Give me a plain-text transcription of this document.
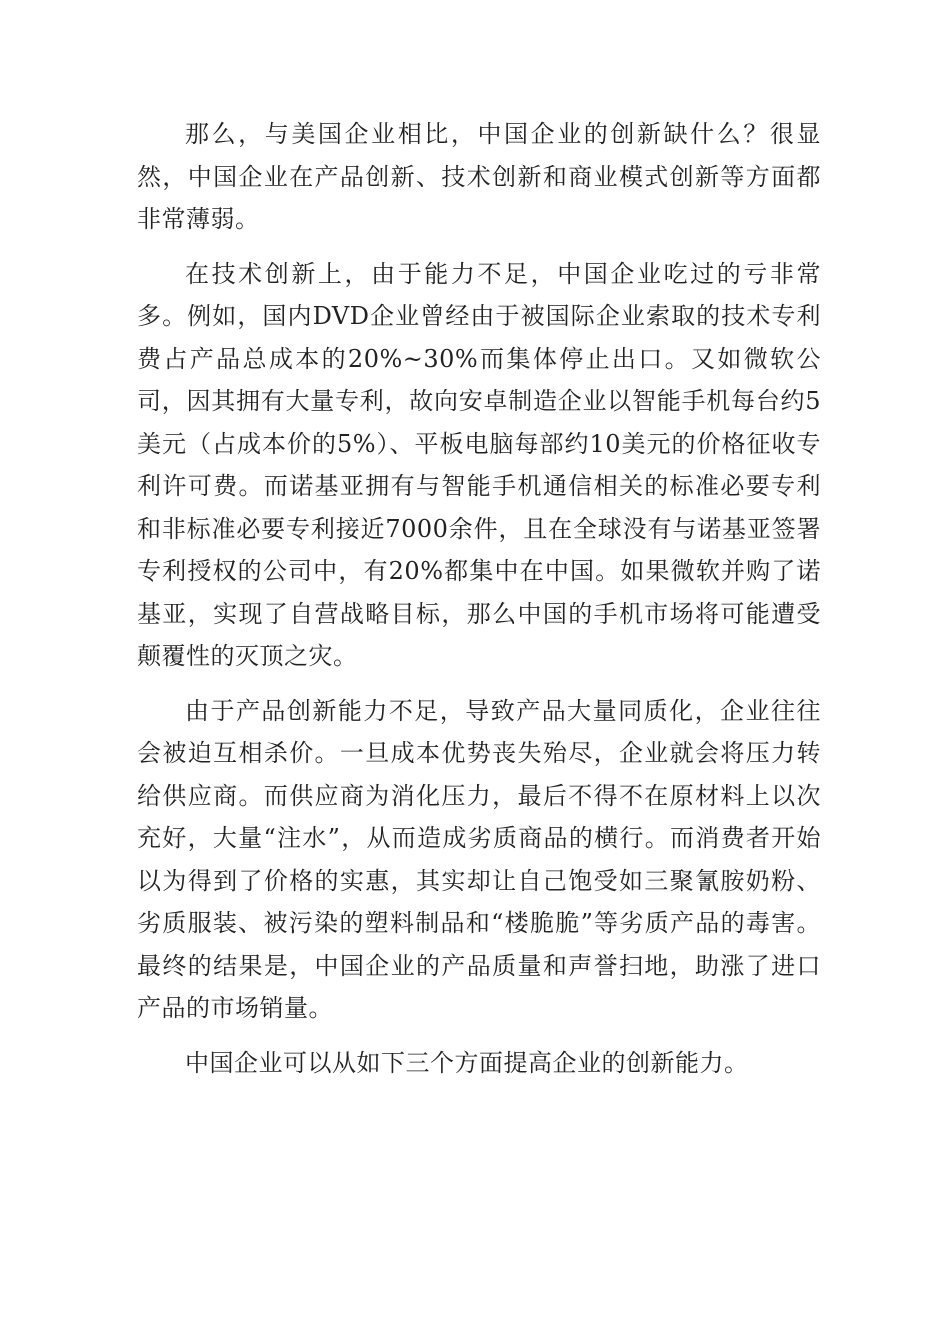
那么，与美国企业相比，中国企业的创新缺什么？很显然，中国企业在产品创新、技术创新和商业模式创新等方面都非常薄弱。

在技术创新上，由于能力不足，中国企业吃过的亏非常多。例如，国内DVD企业曾经由于被国际企业索取的技术专利费占产品总成本的20%~30%而集体停止出口。又如微软公司，因其拥有大量专利，故向安卓制造企业以智能手机每台约5美元（占成本价的5%）、平板电脑每部约10美元的价格征收专利许可费。而诺基亚拥有与智能手机通信相关的标准必要专利和非标准必要专利接近7000余件，且在全球没有与诺基亚签署专利授权的公司中，有20%都集中在中国。如果微软并购了诺基亚，实现了自营战略目标，那么中国的手机市场将可能遭受颠覆性的灭顶之灾。

由于产品创新能力不足，导致产品大量同质化，企业往往会被迫互相杀价。一旦成本优势丧失殆尽，企业就会将压力转给供应商。而供应商为消化压力，最后不得不在原材料上以次充好，大量“注水”，从而造成劣质商品的横行。而消费者开始以为得到了价格的实惠，其实却让自己饱受如三聚氰胺奶粉、劣质服装、被污染的塑料制品和“楼脆脆”等劣质产品的毒害。最终的结果是，中国企业的产品质量和声誉扫地，助涨了进口产品的市场销量。

中国企业可以从如下三个方面提高企业的创新能力。
